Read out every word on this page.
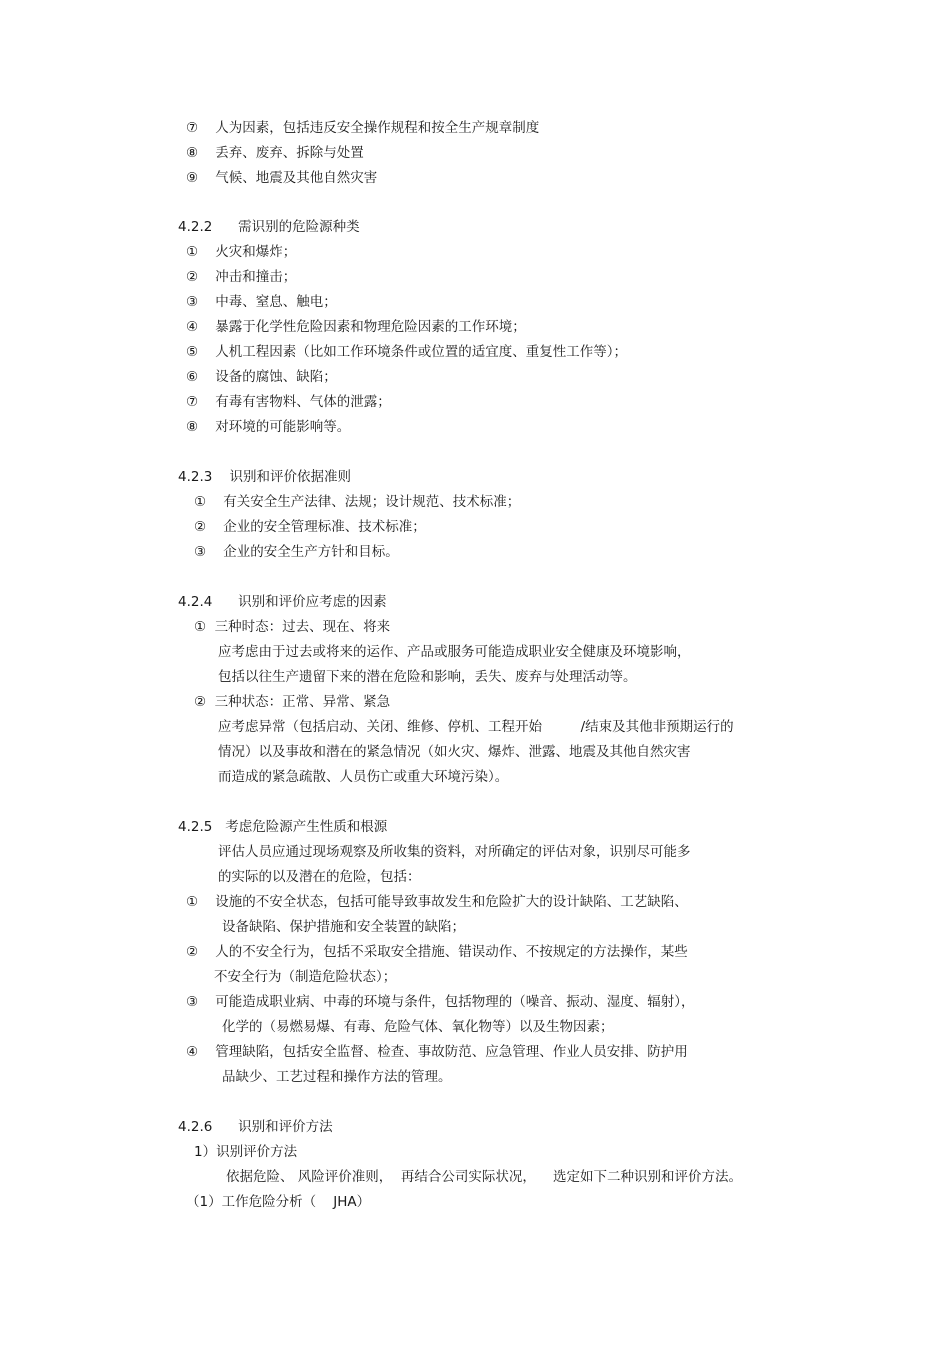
⑦    人为因素，包括违反安全操作规程和按全生产规章制度
⑧    丢弃、废弃、拆除与处置
⑨    气候、地震及其他自然灾害
4.2.2      需识别的危险源种类
①    火灾和爆炸；
②    冲击和撞击；
③    中毒、窒息、触电；
④    暴露于化学性危险因素和物理危险因素的工作环境；
⑤    人机工程因素（比如工作环境条件或位置的适宜度、重复性工作等）；
⑥    设备的腐蚀、缺陷；
⑦    有毒有害物料、气体的泄露；
⑧    对环境的可能影响等。
4.2.3    识别和评价依据准则
①    有关安全生产法律、法规；设计规范、技术标准；
②    企业的安全管理标准、技术标准；
③    企业的安全生产方针和目标。
4.2.4      识别和评价应考虑的因素
①  三种时态：过去、现在、将来
应考虑由于过去或将来的运作、产品或服务可能造成职业安全健康及环境影响，
包括以往生产遗留下来的潜在危险和影响，丢失、废弃与处理活动等。
②  三种状态：正常、异常、紧急
应考虑异常（包括启动、关闭、维修、停机、工程开始         /结束及其他非预期运行的
情况）以及事故和潜在的紧急情况（如火灾、爆炸、泄露、地震及其他自然灾害
而造成的紧急疏散、人员伤亡或重大环境污染）。
4.2.5   考虑危险源产生性质和根源
评估人员应通过现场观察及所收集的资料，对所确定的评估对象，识别尽可能多
的实际的以及潜在的危险，包括：
①    设施的不安全状态，包括可能导致事故发生和危险扩大的设计缺陷、工艺缺陷、
设备缺陷、保护措施和安全装置的缺陷；
②    人的不安全行为，包括不采取安全措施、错误动作、不按规定的方法操作，某些
不安全行为（制造危险状态）；
③    可能造成职业病、中毒的环境与条件，包括物理的（噪音、振动、湿度、辐射），
化学的（易燃易爆、有毒、危险气体、氧化物等）以及生物因素；
④    管理缺陷，包括安全监督、检查、事故防范、应急管理、作业人员安排、防护用
品缺少、工艺过程和操作方法的管理。
4.2.6      识别和评价方法
1）识别评价方法
依据危险、 风险评价准则，  再结合公司实际状况，    选定如下二种识别和评价方法。
（1）工作危险分析（    JHA）
